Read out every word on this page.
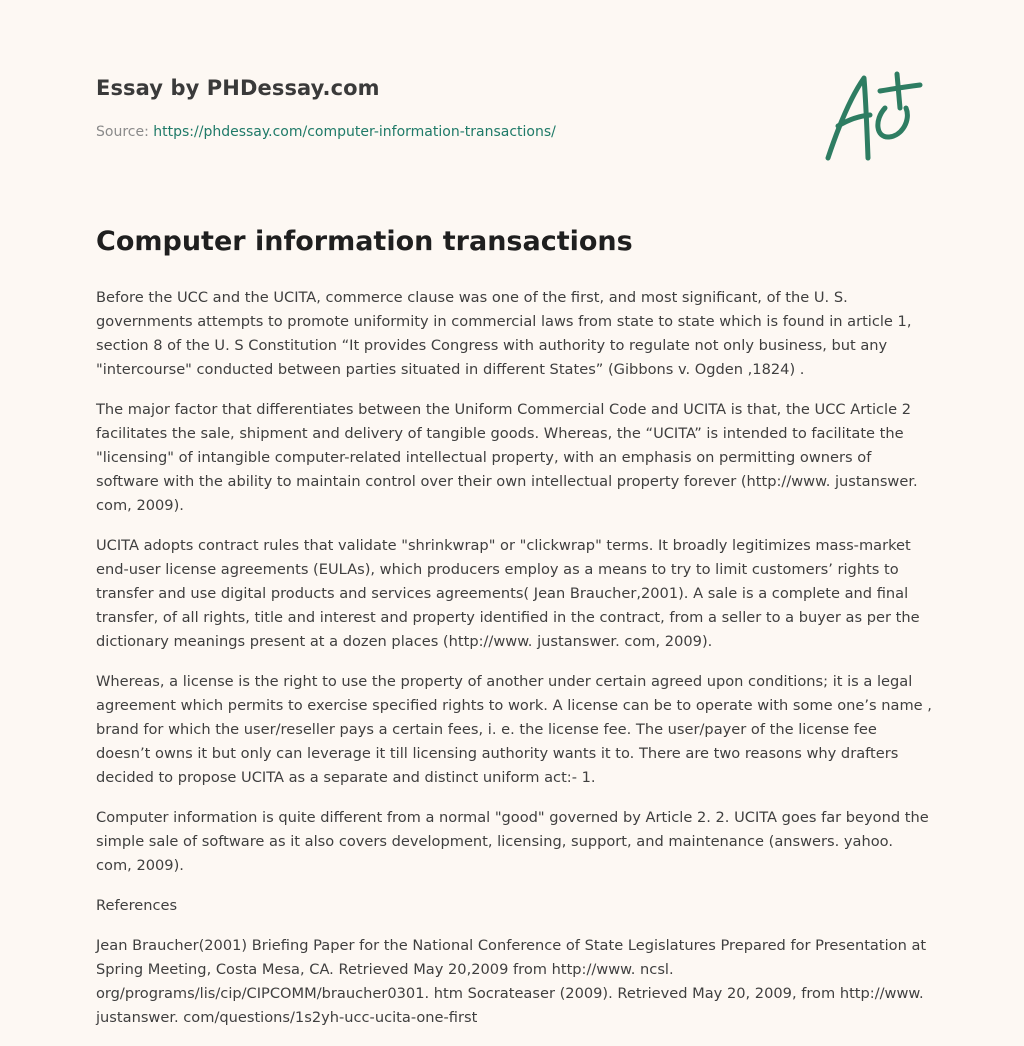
Essay by PHDessay.com
Source: https://phdessay.com/computer-information-transactions/
Computer information transactions

Before the UCC and the UCITA, commerce clause was one of the first, and most significant, of the U. S. governments attempts to promote uniformity in commercial laws from state to state which is found in article 1, section 8 of the U. S Constitution “It provides Congress with authority to regulate not only business, but any "intercourse" conducted between parties situated in different States” (Gibbons v. Ogden ,1824) .

The major factor that differentiates between the Uniform Commercial Code and UCITA is that, the UCC Article 2 facilitates the sale, shipment and delivery of tangible goods. Whereas, the “UCITA” is intended to facilitate the "licensing" of intangible computer-related intellectual property, with an emphasis on permitting owners of software with the ability to maintain control over their own intellectual property forever (http://www. justanswer. com, 2009).

UCITA adopts contract rules that validate "shrinkwrap" or "clickwrap" terms. It broadly legitimizes mass-market end-user license agreements (EULAs), which producers employ as a means to try to limit customers’ rights to transfer and use digital products and services agreements( Jean Braucher,2001). A sale is a complete and final transfer, of all rights, title and interest and property identified in the contract, from a seller to a buyer as per the dictionary meanings present at a dozen places (http://www. justanswer. com, 2009).

Whereas, a license is the right to use the property of another under certain agreed upon conditions; it is a legal agreement which permits to exercise specified rights to work. A license can be to operate with some one’s name , brand for which the user/reseller pays a certain fees, i. e. the license fee. The user/payer of the license fee doesn’t owns it but only can leverage it till licensing authority wants it to. There are two reasons why drafters decided to propose UCITA as a separate and distinct uniform act:- 1.

Computer information is quite different from a normal "good" governed by Article 2. 2. UCITA goes far beyond the simple sale of software as it also covers development, licensing, support, and maintenance (answers. yahoo. com, 2009).

References

Jean Braucher(2001) Briefing Paper for the National Conference of State Legislatures Prepared for Presentation at Spring Meeting, Costa Mesa, CA. Retrieved May 20,2009 from http://www. ncsl. org/programs/lis/cip/CIPCOMM/braucher0301. htm Socrateaser (2009). Retrieved May 20, 2009, from http://www. justanswer. com/questions/1s2yh-ucc-ucita-one-first
